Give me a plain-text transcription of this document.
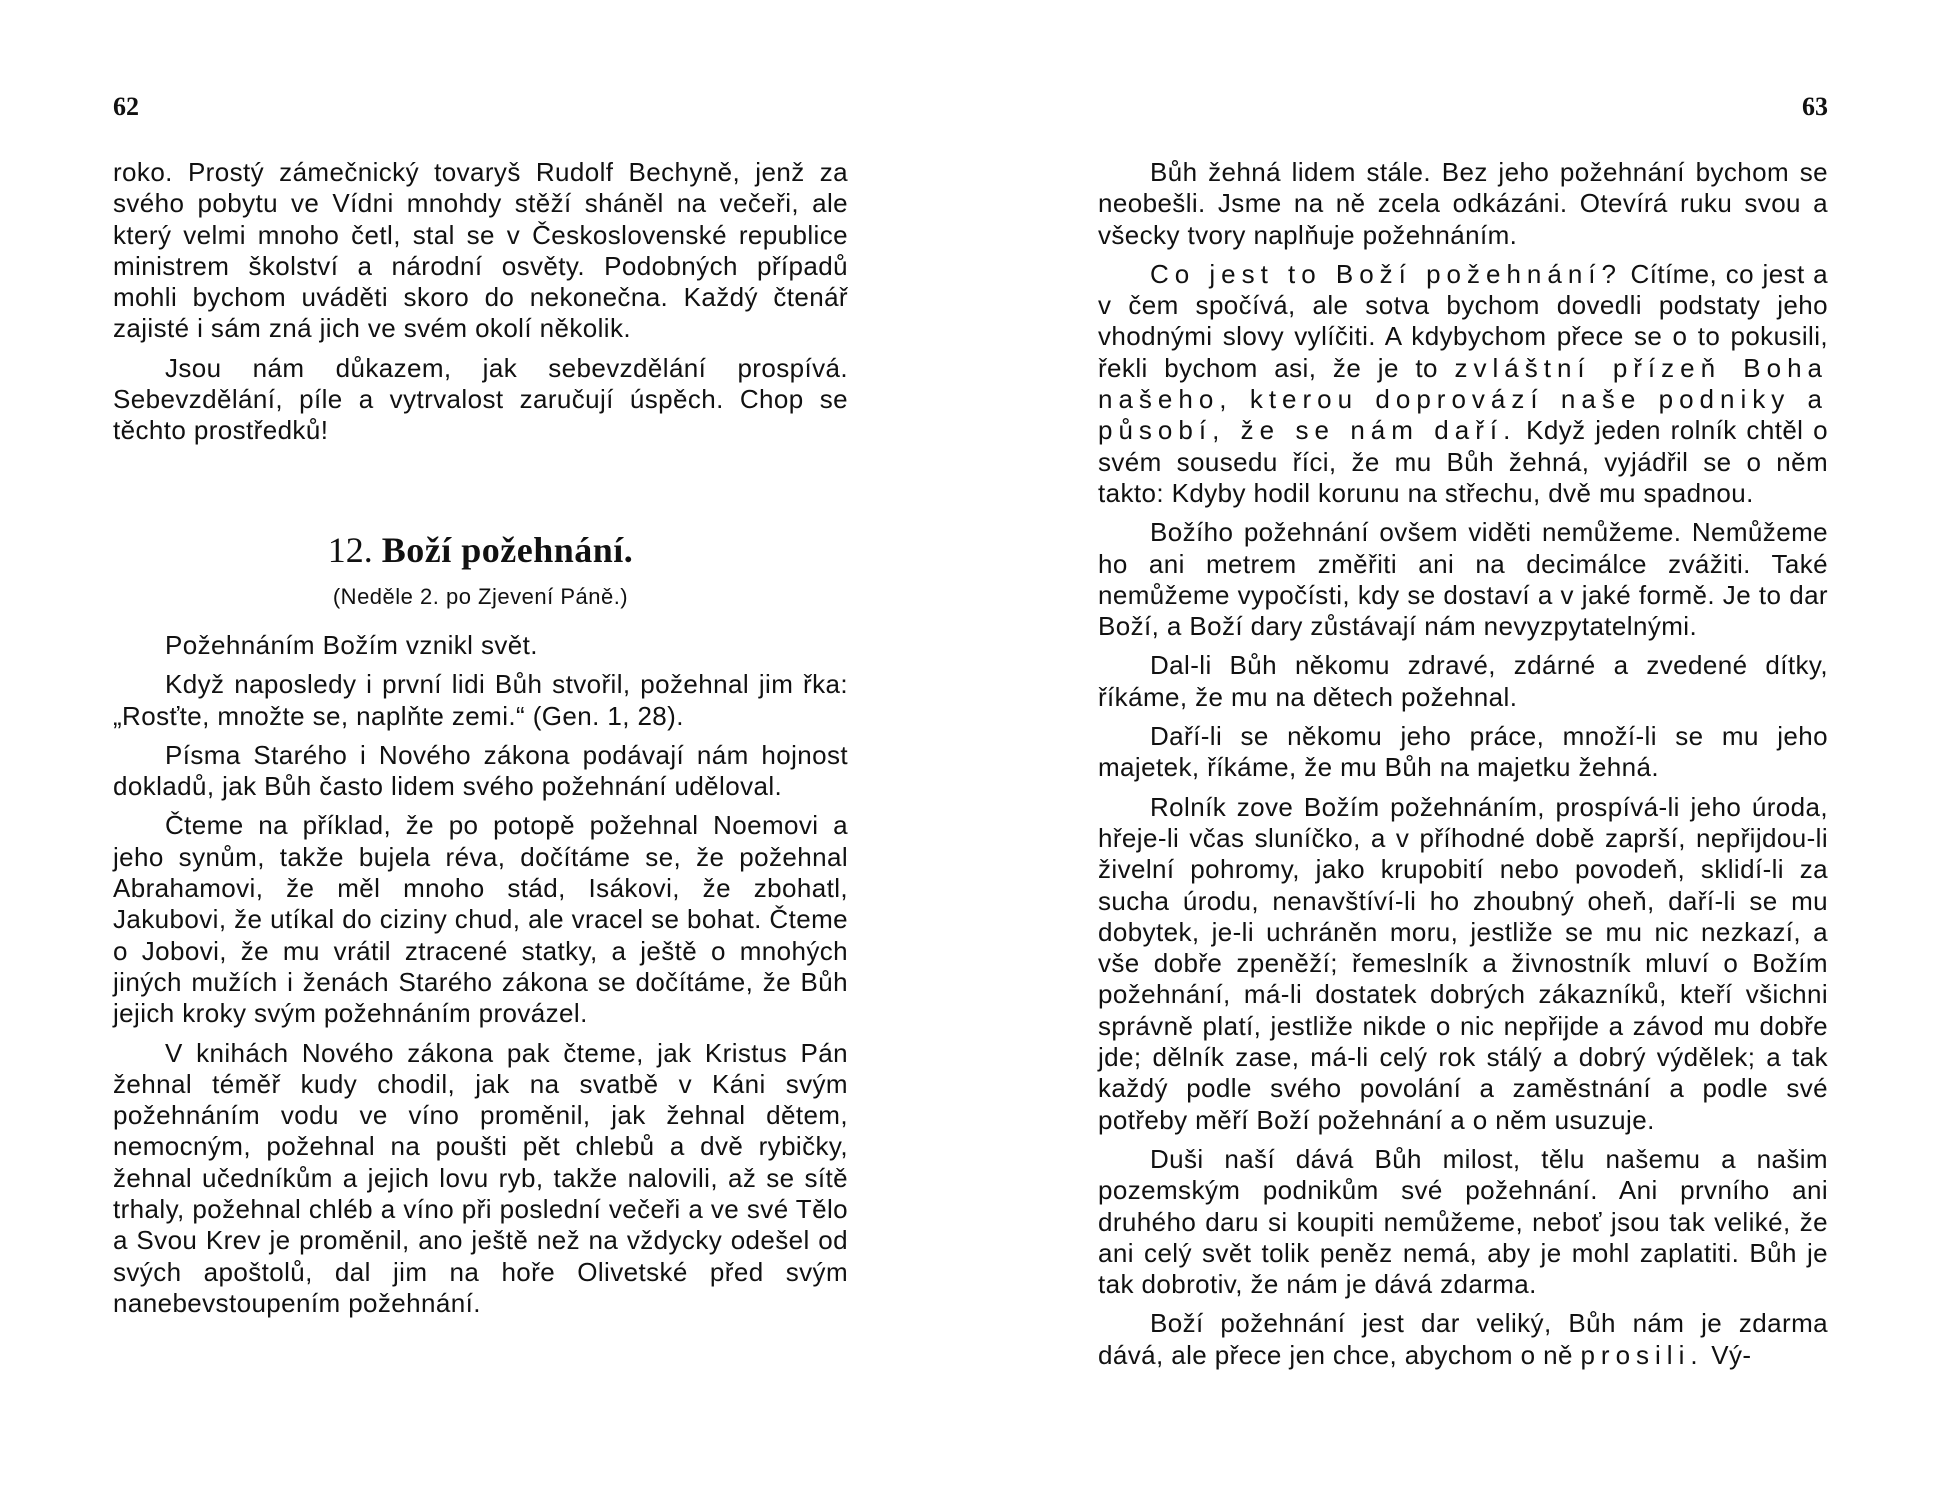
62

roko. Prostý zámečnický tovaryš Rudolf Bechyně, jenž za svého pobytu ve Vídni mnohdy stěží sháněl na večeři, ale který velmi mnoho četl, stal se v Československé republice ministrem školství a národní osvěty. Podobných případů mohli bychom uváděti skoro do nekonečna. Každý čtenář zajisté i sám zná jich ve svém okolí několik.

Jsou nám důkazem, jak sebevzdělání prospívá. Sebevzdělání, píle a vytrvalost zaručují úspěch. Chop se těchto prostředků!

12. Boží požehnání.
(Neděle 2. po Zjevení Páně.)

Požehnáním Božím vznikl svět.

Když naposledy i první lidi Bůh stvořil, požehnal jim řka: „Rosťte, množte se, naplňte zemi.“ (Gen. 1, 28).

Písma Starého i Nového zákona podávají nám hojnost dokladů, jak Bůh často lidem svého požehnání uděloval.

Čteme na příklad, že po potopě požehnal Noemovi a jeho synům, takže bujela réva, dočítáme se, že požehnal Abrahamovi, že měl mnoho stád, Isákovi, že zbohatl, Jakubovi, že utíkal do ciziny chud, ale vracel se bohat. Čteme o Jobovi, že mu vrátil ztracené statky, a ještě o mnohých jiných mužích i ženách Starého zákona se dočítáme, že Bůh jejich kroky svým požehnáním provázel.

V knihách Nového zákona pak čteme, jak Kristus Pán žehnal téměř kudy chodil, jak na svatbě v Káni svým požehnáním vodu ve víno proměnil, jak žehnal dětem, nemocným, požehnal na poušti pět chlebů a dvě rybičky, žehnal učedníkům a jejich lovu ryb, takže nalovili, až se sítě trhaly, požehnal chléb a víno při poslední večeři a ve své Tělo a Svou Krev je proměnil, ano ještě než na vždycky odešel od svých apoštolů, dal jim na hoře Olivetské před svým nanebevstoupením požehnání.

63

Bůh žehná lidem stále. Bez jeho požehnání bychom se neobešli. Jsme na ně zcela odkázáni. Otevírá ruku svou a všecky tvory naplňuje požehnáním.

Co jest to Boží požehnání? Cítíme, co jest a v čem spočívá, ale sotva bychom dovedli podstaty jeho vhodnými slovy vylíčiti. A kdybychom přece se o to pokusili, řekli bychom asi, že je to zvláštní přízeň Boha našeho, kterou doprovází naše podniky a působí, že se nám daří. Když jeden rolník chtěl o svém sousedu říci, že mu Bůh žehná, vyjádřil se o něm takto: Kdyby hodil korunu na střechu, dvě mu spadnou.

Božího požehnání ovšem viděti nemůžeme. Nemůžeme ho ani metrem změřiti ani na decimálce zvážiti. Také nemůžeme vypočísti, kdy se dostaví a v jaké formě. Je to dar Boží, a Boží dary zůstávají nám nevyzpytatelnými.

Dal-li Bůh někomu zdravé, zdárné a zvedené dítky, říkáme, že mu na dětech požehnal.

Daří-li se někomu jeho práce, množí-li se mu jeho majetek, říkáme, že mu Bůh na majetku žehná.

Rolník zove Božím požehnáním, prospívá-li jeho úroda, hřeje-li včas sluníčko, a v příhodné době zaprší, nepřijdou-li živelní pohromy, jako krupobití nebo povodeň, sklidí-li za sucha úrodu, nenavštíví-li ho zhoubný oheň, daří-li se mu dobytek, je-li uchráněn moru, jestliže se mu nic nezkazí, a vše dobře zpeněží; řemeslník a živnostník mluví o Božím požehnání, má-li dostatek dobrých zákazníků, kteří všichni správně platí, jestliže nikde o nic nepřijde a závod mu dobře jde; dělník zase, má-li celý rok stálý a dobrý výdělek; a tak každý podle svého povolání a zaměstnání a podle své potřeby měří Boží požehnání a o něm usuzuje.

Duši naší dává Bůh milost, tělu našemu a našim pozemským podnikům své požehnání. Ani prvního ani druhého daru si koupiti nemůžeme, neboť jsou tak veliké, že ani celý svět tolik peněz nemá, aby je mohl zaplatiti. Bůh je tak dobrotiv, že nám je dává zdarma.

Boží požehnání jest dar veliký, Bůh nám je zdarma dává, ale přece jen chce, abychom o ně prosili. Vý-
